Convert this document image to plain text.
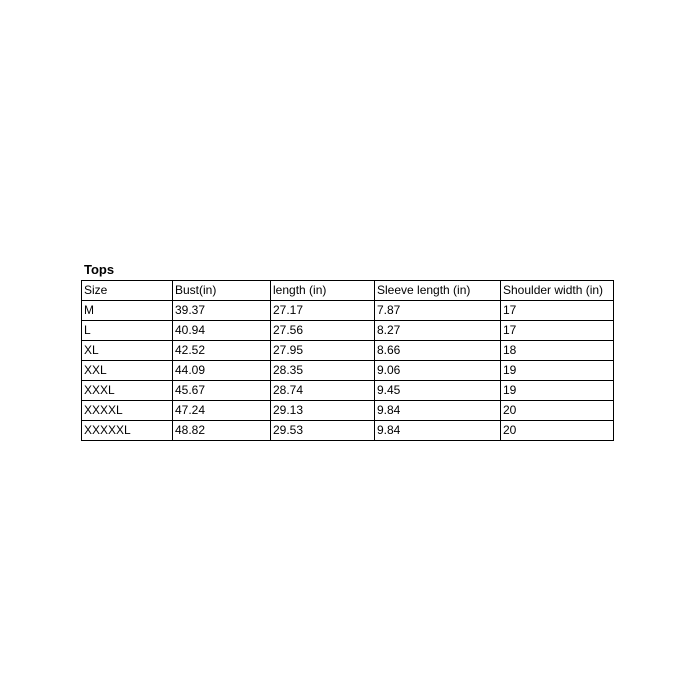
Tops
Size	Bust(in)	length (in)	Sleeve length (in)	Shoulder width (in)
M	39.37	27.17	7.87	17
L	40.94	27.56	8.27	17
XL	42.52	27.95	8.66	18
XXL	44.09	28.35	9.06	19
XXXL	45.67	28.74	9.45	19
XXXXL	47.24	29.13	9.84	20
XXXXXL	48.82	29.53	9.84	20
